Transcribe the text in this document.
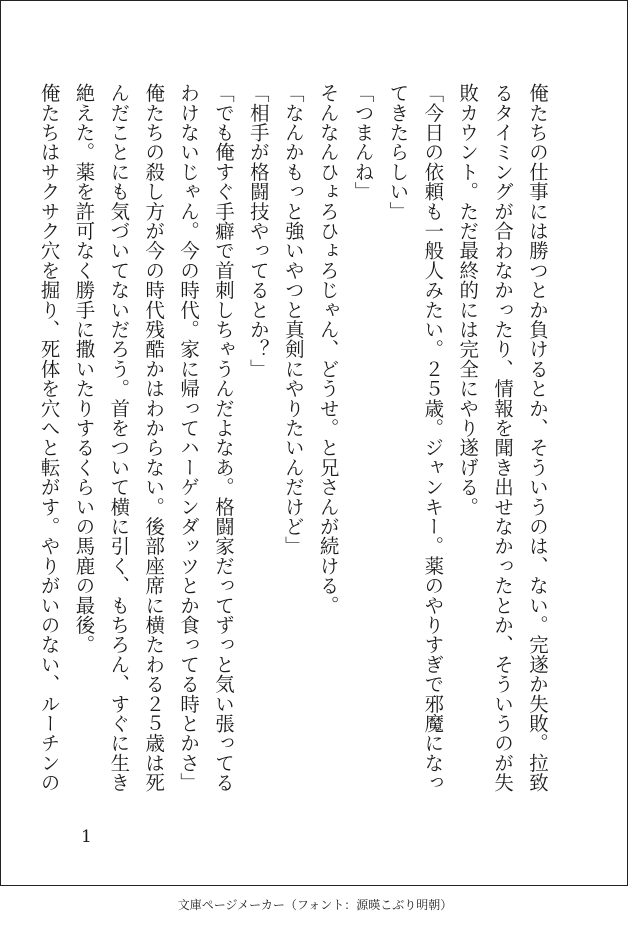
俺たちの仕事には勝つとか負けるとか、そういうのは、ない。完遂か失敗。拉致
るタイミングが合わなかったり、情報を聞き出せなかったとか、そういうのが失
敗カウント。ただ最終的には完全にやり遂げる。
「今日の依頼も一般人みたい。２５歳。ジャンキー。薬のやりすぎで邪魔になっ
てきたらしい」
「つまんね」
そんなんひょろひょろじゃん、どうせ。と兄さんが続ける。
「なんかもっと強いやつと真剣にやりたいんだけど」
「相手が格闘技やってるとか？」
「でも俺すぐ手癖で首刺しちゃうんだよなあ。格闘家だってずっと気い張ってる
わけないじゃん。今の時代。家に帰ってハーゲンダッツとか食ってる時とかさ」
俺たちの殺し方が今の時代残酷かはわからない。後部座席に横たわる２５歳は死
んだことにも気づいてないだろう。首をついて横に引く、もちろん、すぐに生き
絶えた。薬を許可なく勝手に撒いたりするくらいの馬鹿の最後。
俺たちはサクサク穴を掘り、死体を穴へと転がす。やりがいのない、ルーチンの
1
文庫ページメーカー（フォント：源暎こぶり明朝）
